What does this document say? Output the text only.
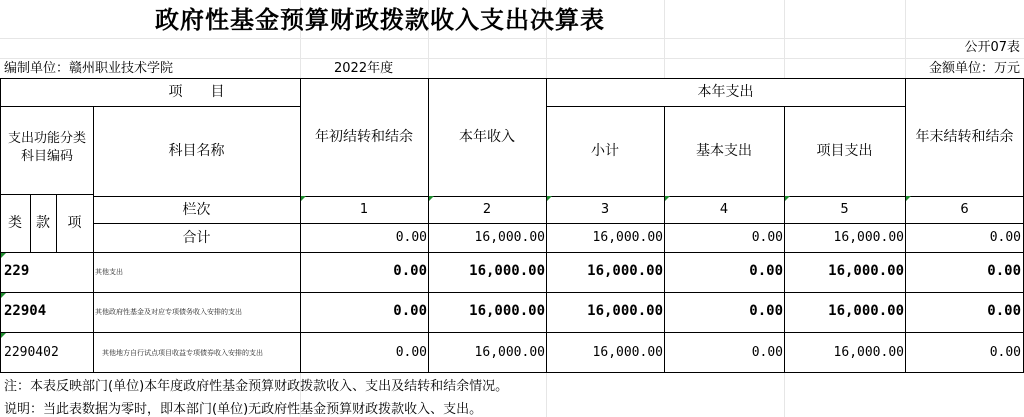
政府性基金预算财政拨款收入支出决算表
公开07表
编制单位：赣州职业技术学院	2022年度	金额单位：万元
项　　目
支出功能分类科目编码	科目名称
年初结转和结余	本年收入
本年支出
小计	基本支出	项目支出
年末结转和结余
类	款	项
栏次	1	2	3	4	5	6
合计	0.00	16,000.00	16,000.00	0.00	16,000.00	0.00
229	其他支出	0.00	16,000.00	16,000.00	0.00	16,000.00	0.00
22904	其他政府性基金及对应专项债务收入安排的支出	0.00	16,000.00	16,000.00	0.00	16,000.00	0.00
2290402	其他地方自行试点项目收益专项债券收入安排的支出	0.00	16,000.00	16,000.00	0.00	16,000.00	0.00
注：本表反映部门(单位)本年度政府性基金预算财政拨款收入、支出及结转和结余情况。
说明：当此表数据为零时，即本部门(单位)无政府性基金预算财政拨款收入、支出。
